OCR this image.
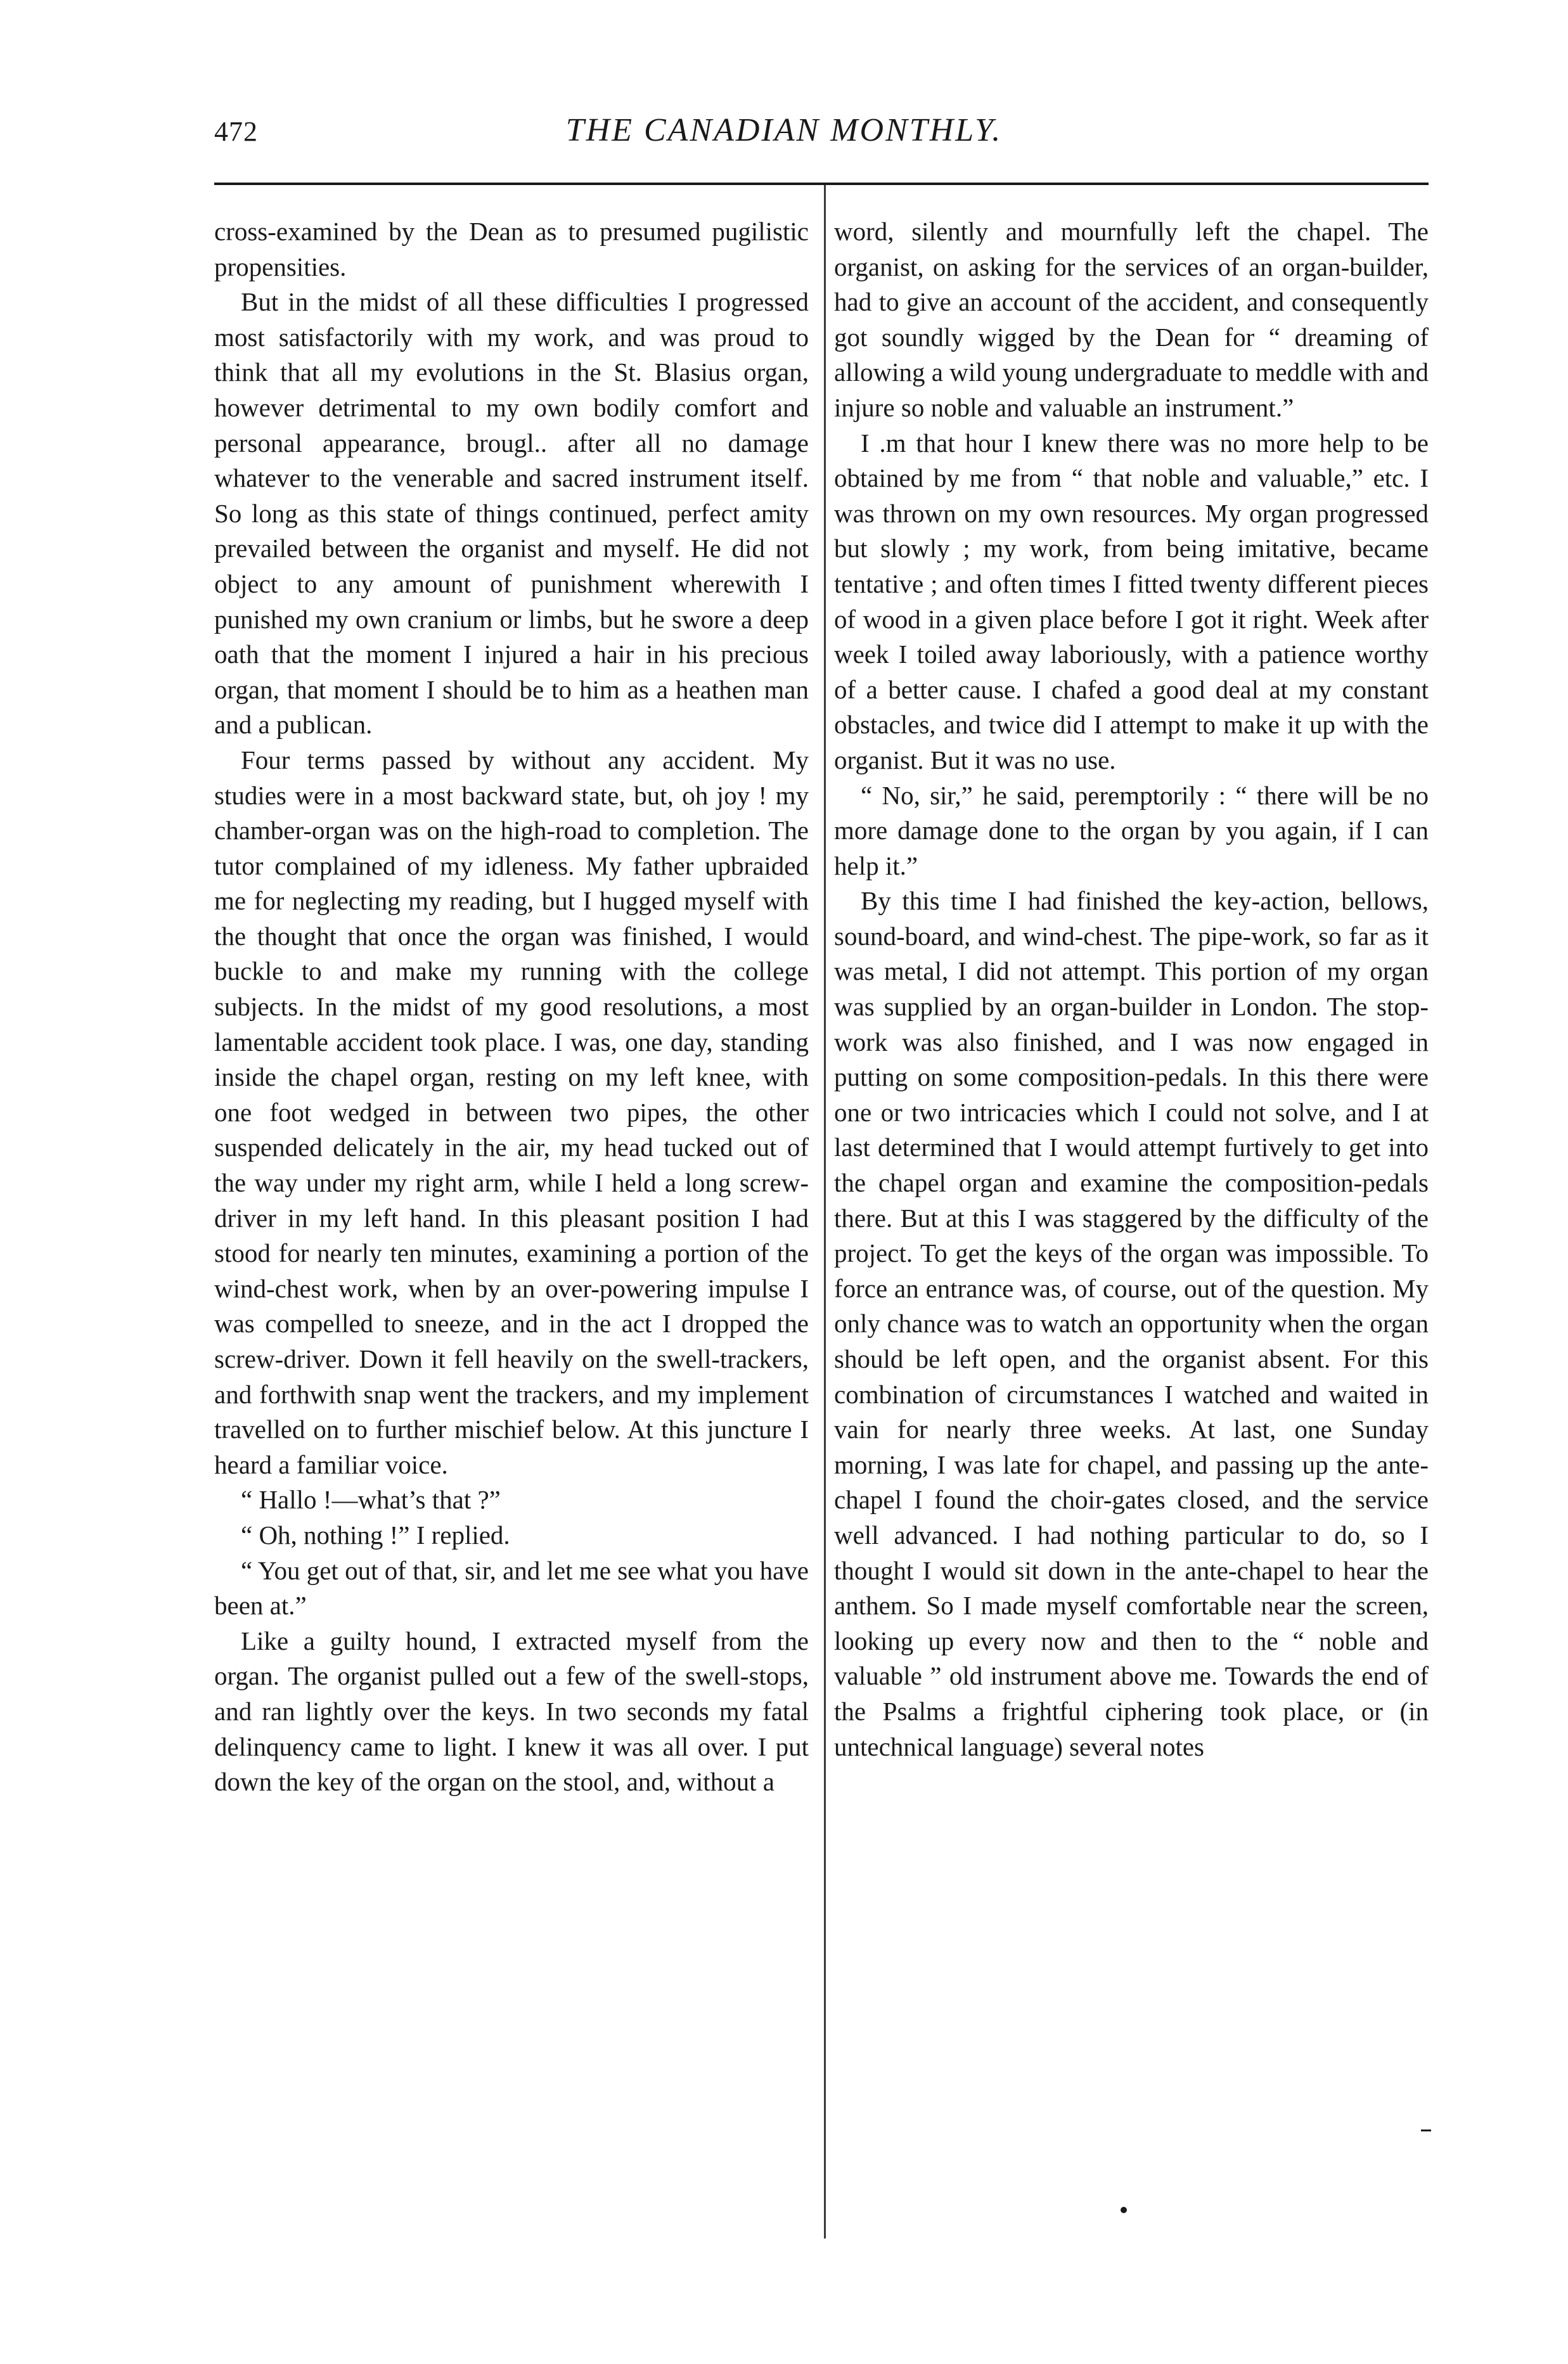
472	THE CANADIAN MONTHLY.

cross-examined by the Dean as to presumed pugilistic propensities.

But in the midst of all these difficulties I progressed most satisfactorily with my work, and was proud to think that all my evolutions in the St. Blasius organ, however detrimental to my own bodily comfort and personal appearance, brougl.. after all no damage whatever to the venerable and sacred instrument itself. So long as this state of things continued, perfect amity prevailed between the organist and myself. He did not object to any amount of punishment wherewith I punished my own cranium or limbs, but he swore a deep oath that the moment I injured a hair in his precious organ, that moment I should be to him as a heathen man and a publican.

Four terms passed by without any accident. My studies were in a most backward state, but, oh joy ! my chamber-organ was on the high-road to completion. The tutor complained of my idleness. My father upbraided me for neglecting my reading, but I hugged myself with the thought that once the organ was finished, I would buckle to and make my running with the college subjects. In the midst of my good resolutions, a most lamentable accident took place. I was, one day, standing inside the chapel organ, resting on my left knee, with one foot wedged in between two pipes, the other suspended delicately in the air, my head tucked out of the way under my right arm, while I held a long screw-driver in my left hand. In this pleasant position I had stood for nearly ten minutes, examining a portion of the wind-chest work, when by an over-powering impulse I was compelled to sneeze, and in the act I dropped the screw-driver. Down it fell heavily on the swell-trackers, and forthwith snap went the trackers, and my implement travelled on to further mischief below. At this juncture I heard a familiar voice.

“ Hallo !—what’s that ?”

“ Oh, nothing !” I replied.

“ You get out of that, sir, and let me see what you have been at.”

Like a guilty hound, I extracted myself from the organ. The organist pulled out a few of the swell-stops, and ran lightly over the keys. In two seconds my fatal delinquency came to light. I knew it was all over. I put down the key of the organ on the stool, and, without a

word, silently and mournfully left the chapel. The organist, on asking for the services of an organ-builder, had to give an account of the accident, and consequently got soundly wigged by the Dean for “ dreaming of allowing a wild young undergraduate to meddle with and injure so noble and valuable an instrument.”

I .m that hour I knew there was no more help to be obtained by me from “ that noble and valuable,” etc. I was thrown on my own resources. My organ progressed but slowly ; my work, from being imitative, became tentative ; and often times I fitted twenty different pieces of wood in a given place before I got it right. Week after week I toiled away laboriously, with a patience worthy of a better cause. I chafed a good deal at my constant obstacles, and twice did I attempt to make it up with the organist. But it was no use.

“ No, sir,” he said, peremptorily : “ there will be no more damage done to the organ by you again, if I can help it.”

By this time I had finished the key-action, bellows, sound-board, and wind-chest. The pipe-work, so far as it was metal, I did not attempt. This portion of my organ was supplied by an organ-builder in London. The stop-work was also finished, and I was now engaged in putting on some composition-pedals. In this there were one or two intricacies which I could not solve, and I at last determined that I would attempt furtively to get into the chapel organ and examine the composition-pedals there. But at this I was staggered by the difficulty of the project. To get the keys of the organ was impossible. To force an entrance was, of course, out of the question. My only chance was to watch an opportunity when the organ should be left open, and the organist absent. For this combination of circumstances I watched and waited in vain for nearly three weeks. At last, one Sunday morning, I was late for chapel, and passing up the ante-chapel I found the choir-gates closed, and the service well advanced. I had nothing particular to do, so I thought I would sit down in the ante-chapel to hear the anthem. So I made myself comfortable near the screen, looking up every now and then to the “ noble and valuable ” old instrument above me. Towards the end of the Psalms a frightful ciphering took place, or (in untechnical language) several notes
